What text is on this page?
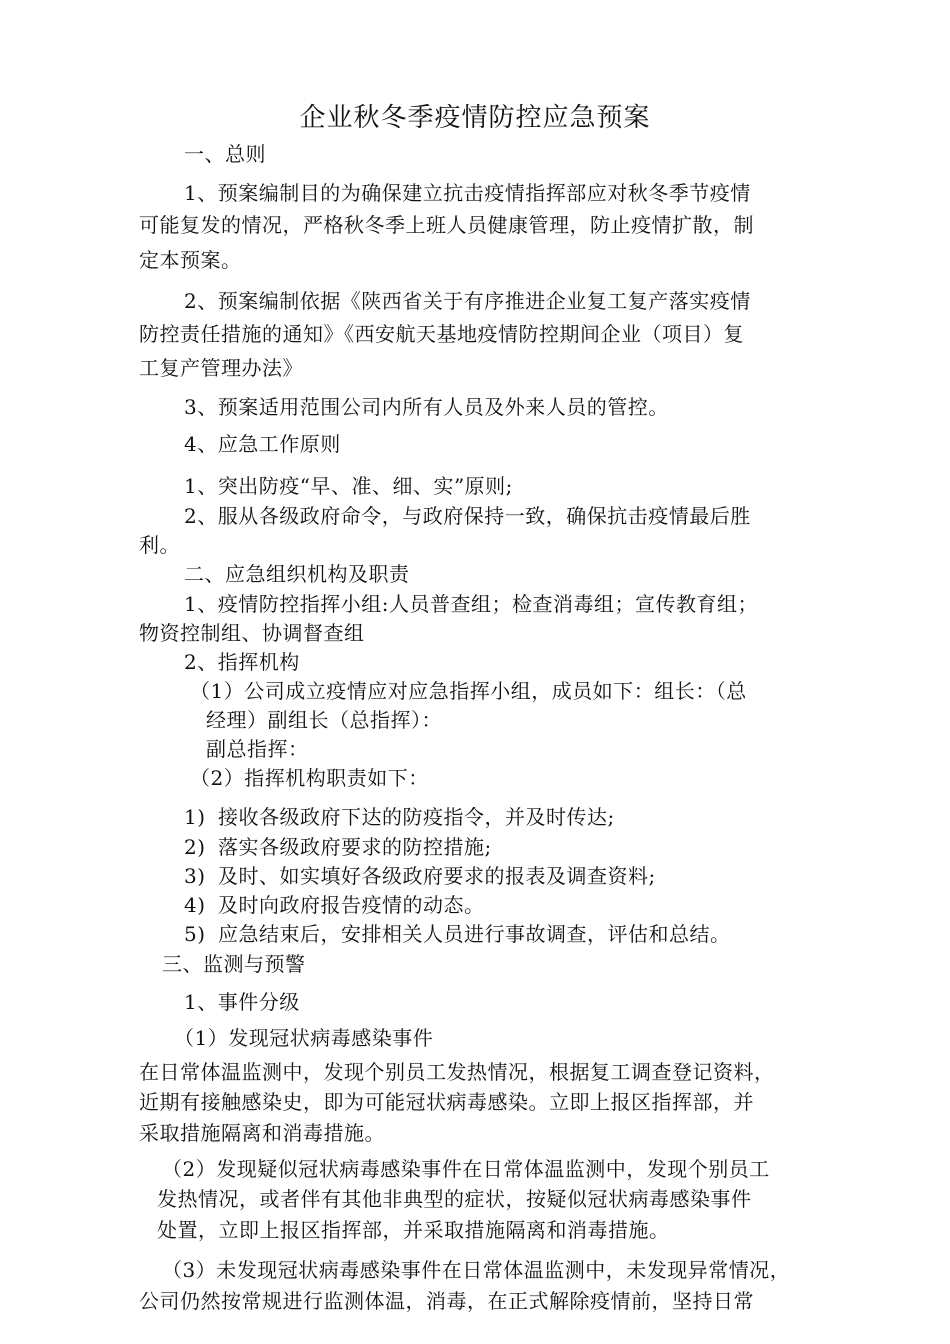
企业秋冬季疫情防控应急预案
一、总则
1、预案编制目的为确保建立抗击疫情指挥部应对秋冬季节疫情
可能复发的情况，严格秋冬季上班人员健康管理，防止疫情扩散，制
定本预案。
2、预案编制依据《陕西省关于有序推进企业复工复产落实疫情
防控责任措施的通知》《西安航天基地疫情防控期间企业（项目）复
工复产管理办法》
3、预案适用范围公司内所有人员及外来人员的管控。
4、应急工作原则
1、突出防疫“早、准、细、实”原则;
2、服从各级政府命令，与政府保持一致，确保抗击疫情最后胜
利。
二、应急组织机构及职责
1、疫情防控指挥小组:人员普查组；检查消毒组；宣传教育组；
物资控制组、协调督查组
2、指挥机构
（1）公司成立疫情应对应急指挥小组，成员如下：组长：（总
经理）副组长（总指挥）：
副总指挥：
（2）指挥机构职责如下：
1) 接收各级政府下达的防疫指令，并及时传达;
2) 落实各级政府要求的防控措施;
3) 及时、如实填好各级政府要求的报表及调查资料;
4) 及时向政府报告疫情的动态。
5) 应急结束后，安排相关人员进行事故调查，评估和总结。
三、监测与预警
1、事件分级
（1）发现冠状病毒感染事件
在日常体温监测中，发现个别员工发热情况，根据复工调查登记资料，
近期有接触感染史，即为可能冠状病毒感染。立即上报区指挥部，并
采取措施隔离和消毒措施。
（2）发现疑似冠状病毒感染事件在日常体温监测中，发现个别员工
发热情况，或者伴有其他非典型的症状，按疑似冠状病毒感染事件
处置，立即上报区指挥部，并采取措施隔离和消毒措施。
（3）未发现冠状病毒感染事件在日常体温监测中，未发现异常情况，
公司仍然按常规进行监测体温，消毒，在正式解除疫情前，坚持日常
